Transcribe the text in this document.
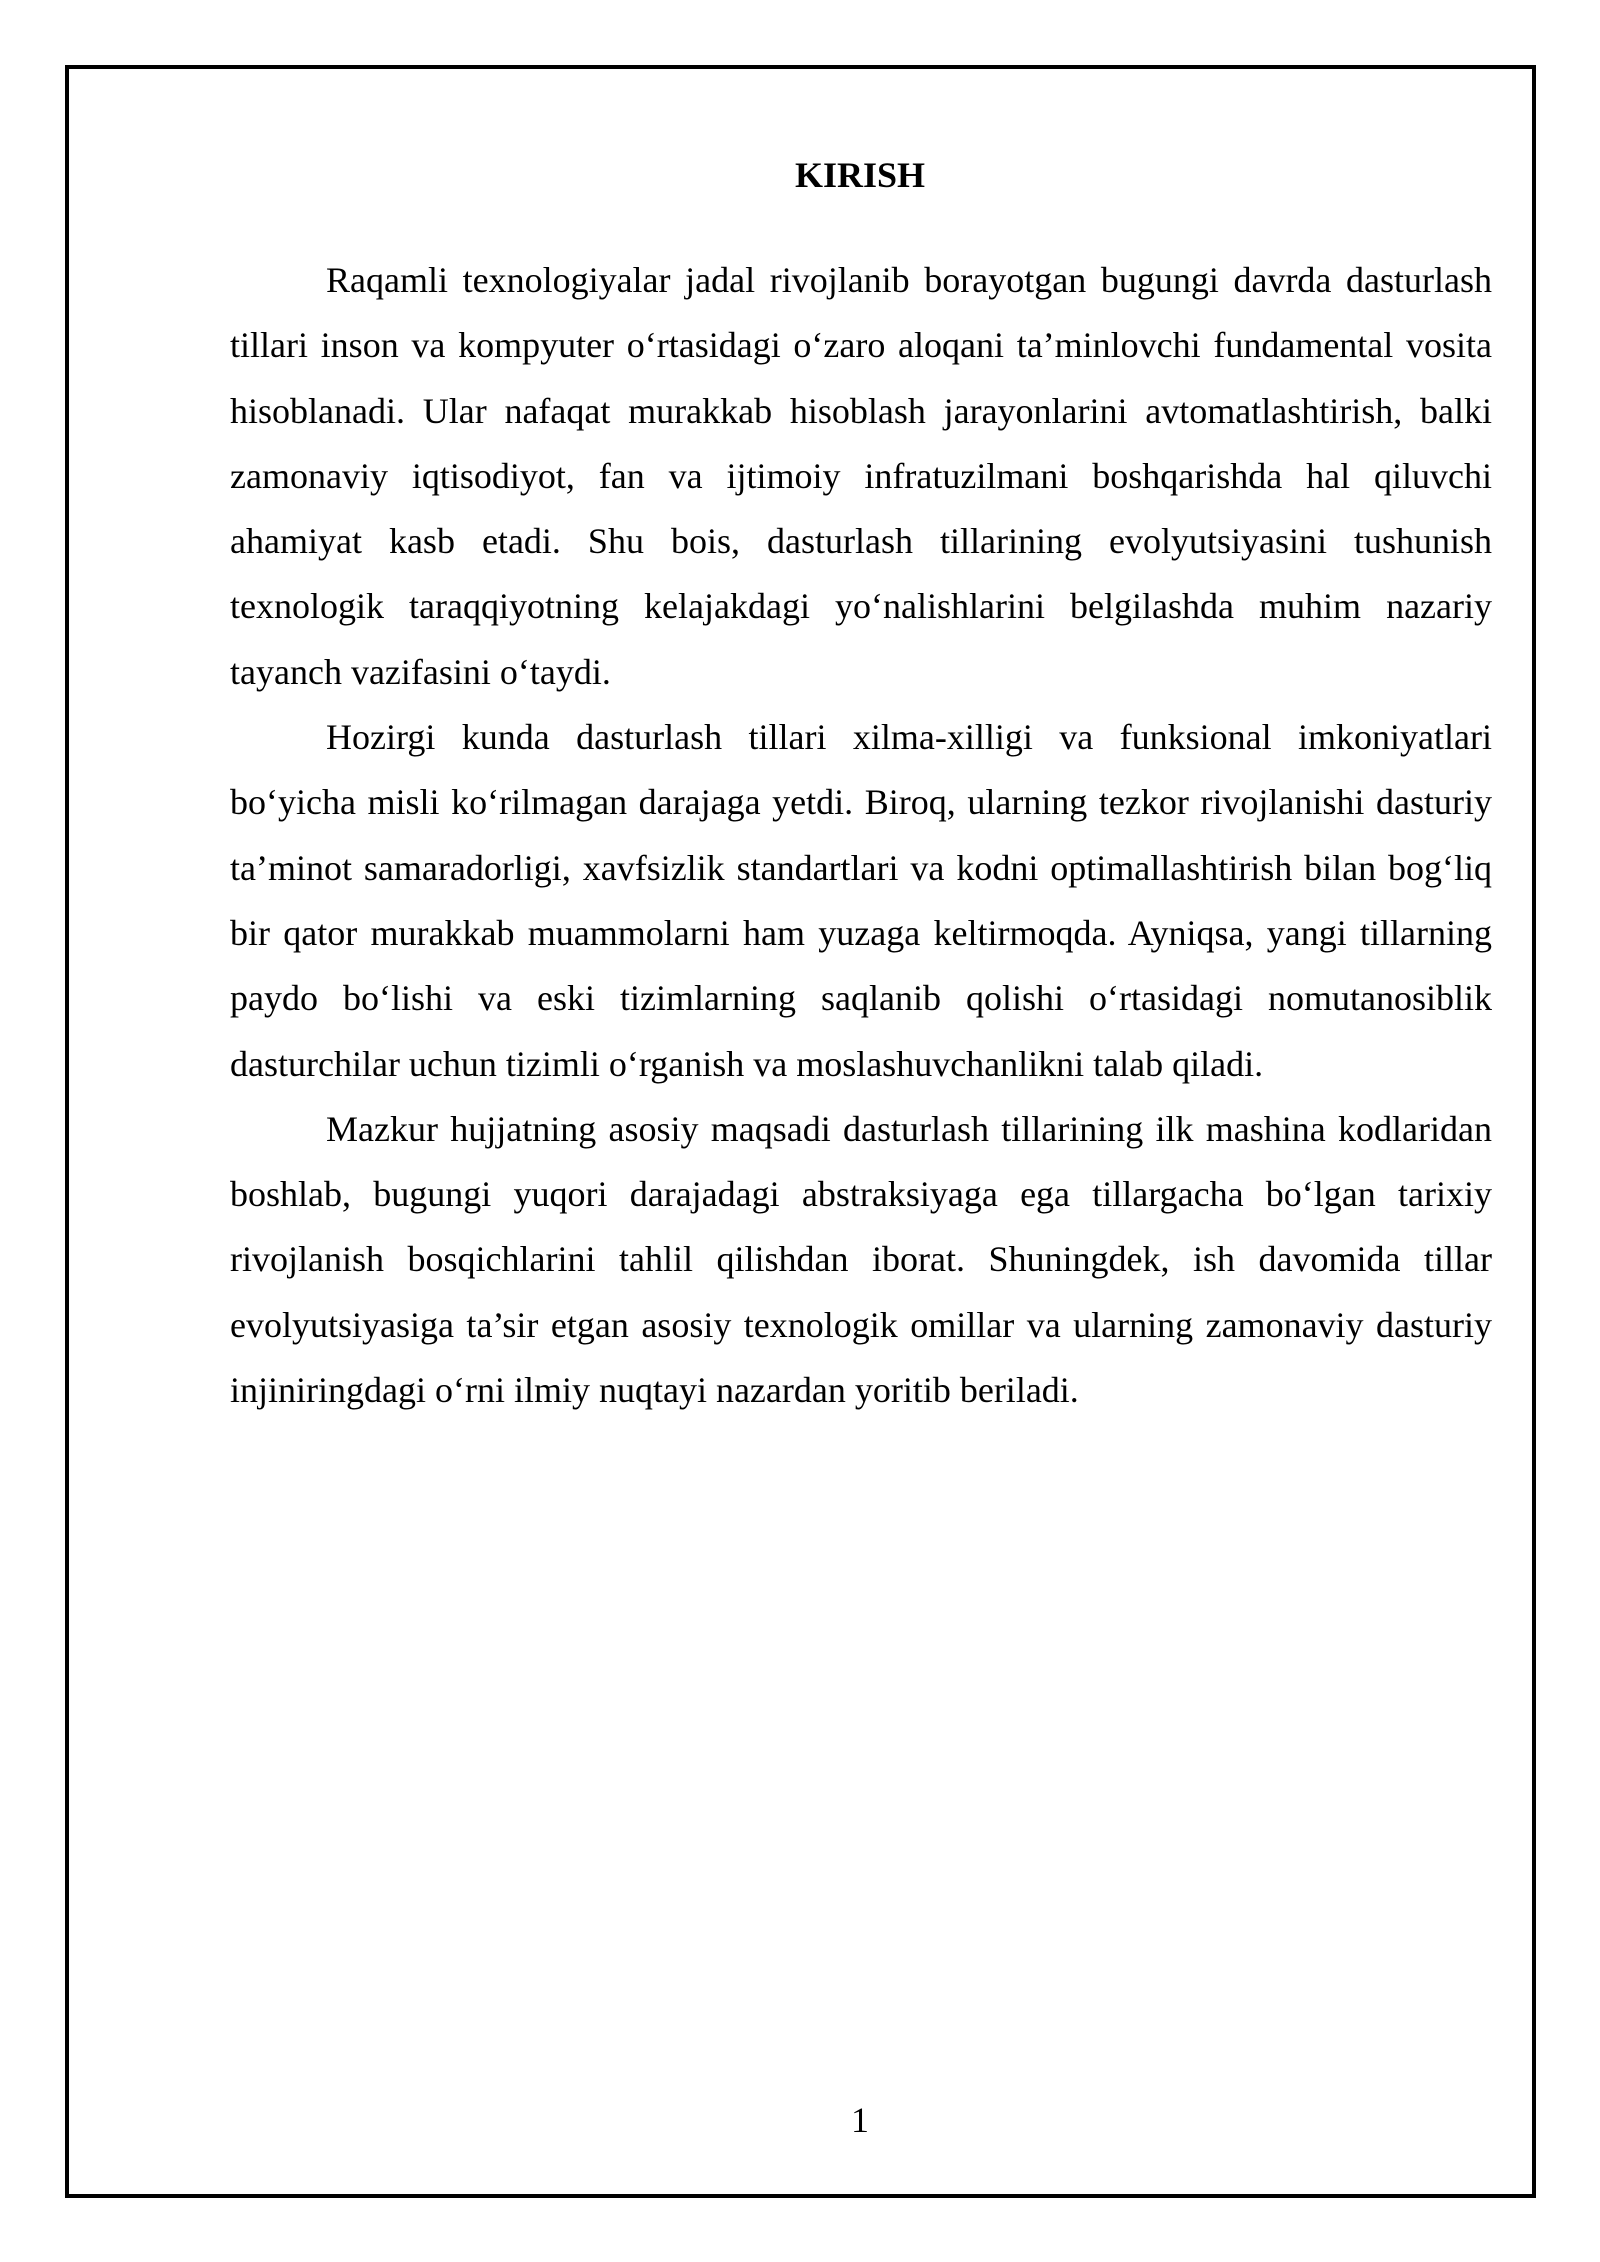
KIRISH

Raqamli texnologiyalar jadal rivojlanib borayotgan bugungi davrda dasturlash tillari inson va kompyuter o‘rtasidagi o‘zaro aloqani ta’minlovchi fundamental vosita hisoblanadi. Ular nafaqat murakkab hisoblash jarayonlarini avtomatlashtirish, balki zamonaviy iqtisodiyot, fan va ijtimoiy infratuzilmani boshqarishda hal qiluvchi ahamiyat kasb etadi. Shu bois, dasturlash tillarining evolyutsiyasini tushunish texnologik taraqqiyotning kelajakdagi yo‘nalishlarini belgilashda muhim nazariy tayanch vazifasini o‘taydi.

Hozirgi kunda dasturlash tillari xilma-xilligi va funksional imkoniyatlari bo‘yicha misli ko‘rilmagan darajaga yetdi. Biroq, ularning tezkor rivojlanishi dasturiy ta’minot samaradorligi, xavfsizlik standartlari va kodni optimallashtirish bilan bog‘liq bir qator murakkab muammolarni ham yuzaga keltirmoqda. Ayniqsa, yangi tillarning paydo bo‘lishi va eski tizimlarning saqlanib qolishi o‘rtasidagi nomutanosiblik dasturchilar uchun tizimli o‘rganish va moslashuvchanlikni talab qiladi.

Mazkur hujjatning asosiy maqsadi dasturlash tillarining ilk mashina kodlaridan boshlab, bugungi yuqori darajadagi abstraksiyaga ega tillargacha bo‘lgan tarixiy rivojlanish bosqichlarini tahlil qilishdan iborat. Shuningdek, ish davomida tillar evolyutsiyasiga ta’sir etgan asosiy texnologik omillar va ularning zamonaviy dasturiy injiniringdagi o‘rni ilmiy nuqtayi nazardan yoritib beriladi.

1
